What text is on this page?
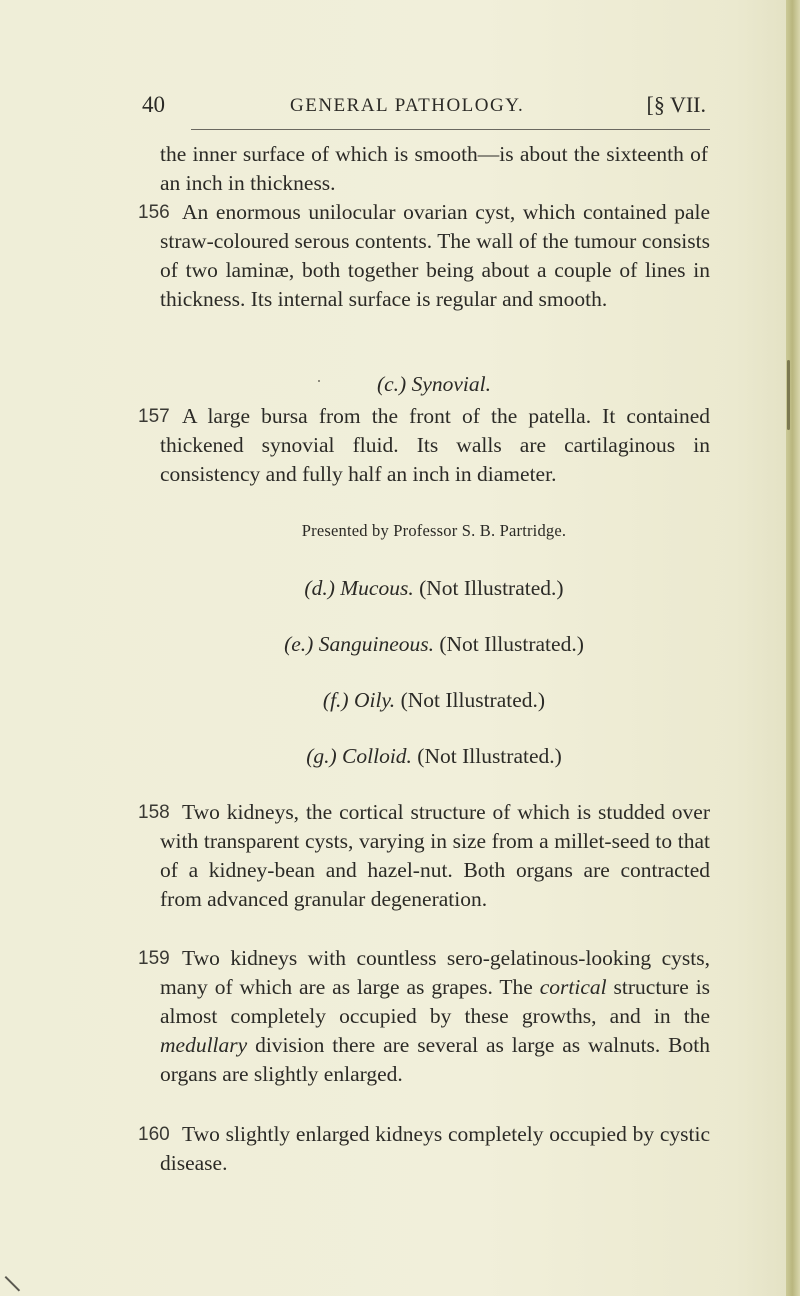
40	GENERAL PATHOLOGY.	[§ VII.
the inner surface of which is smooth—is about the sixteenth of an inch in thickness.
156 An enormous unilocular ovarian cyst, which contained pale straw-coloured serous contents. The wall of the tumour consists of two laminæ, both together being about a couple of lines in thickness. Its internal surface is regular and smooth.
(c.) Synovial.
157 A large bursa from the front of the patella. It contained thickened synovial fluid. Its walls are cartilaginous in consistency and fully half an inch in diameter.
Presented by Professor S. B. Partridge.
(d.) Mucous. (Not Illustrated.)
(e.) Sanguineous. (Not Illustrated.)
(f.) Oily. (Not Illustrated.)
(g.) Colloid. (Not Illustrated.)
158 Two kidneys, the cortical structure of which is studded over with transparent cysts, varying in size from a millet-seed to that of a kidney-bean and hazel-nut. Both organs are contracted from advanced granular degeneration.
159 Two kidneys with countless sero-gelatinous-looking cysts, many of which are as large as grapes. The cortical structure is almost completely occupied by these growths, and in the medullary division there are several as large as walnuts. Both organs are slightly enlarged.
160 Two slightly enlarged kidneys completely occupied by cystic disease.
